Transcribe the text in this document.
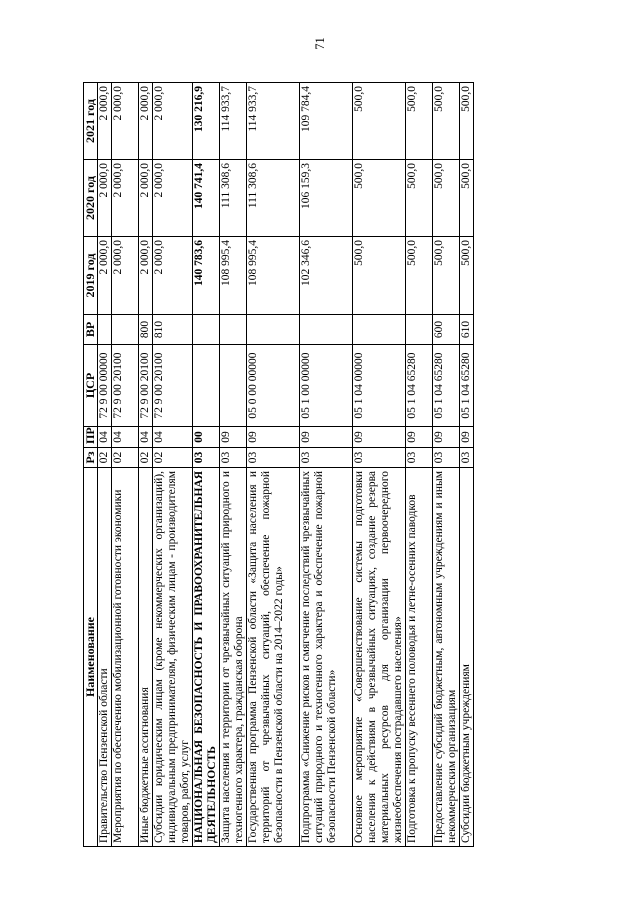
71
Наименование	Рз	ПР	ЦСР	ВР	2019 год	2020 год	2021 год
Правительство Пензенской области	02	04	72 9 00 00000		2 000,0	2 000,0	2 000,0
Мероприятия по обеспечению мобилизационной готовности экономики	02	04	72 9 00 20100		2 000,0	2 000,0	2 000,0
Иные бюджетные ассигнования	02	04	72 9 00 20100	800	2 000,0	2 000,0	2 000,0
Субсидии юридическим лицам (кроме некоммерческих организаций), индивидуальным предпринимателям, физическим лицам - производителям товаров, работ, услуг	02	04	72 9 00 20100	810	2 000,0	2 000,0	2 000,0
НАЦИОНАЛЬНАЯ БЕЗОПАСНОСТЬ И ПРАВООХРАНИТЕЛЬНАЯ ДЕЯТЕЛЬНОСТЬ	03	00			140 783,6	140 741,4	130 216,9
Защита населения и территории от чрезвычайных ситуаций природного и техногенного характера, гражданская оборона	03	09			108 995,4	111 308,6	114 933,7
Государственная программа Пензенской области «Защита населения и территорий от чрезвычайных ситуаций, обеспечение пожарной безопасности в Пензенской области на 2014–2022 годы»	03	09	05 0 00 00000		108 995,4	111 308,6	114 933,7
Подпрограмма «Снижение рисков и смягчение последствий чрезвычайных ситуаций природного и техногенного характера и обеспечение пожарной безопасности Пензенской области»	03	09	05 1 00 00000		102 346,6	106 159,3	109 784,4
Основное мероприятие «Совершенствование системы подготовки населения к действиям в чрезвычайных ситуациях, создание резерва материальных ресурсов для организации первоочередного жизнеобеспечения пострадавшего населения»	03	09	05 1 04 00000		500,0	500,0	500,0
Подготовка к пропуску весеннего половодья и летне-осенних паводков	03	09	05 1 04 65280		500,0	500,0	500,0
Предоставление субсидий бюджетным, автономным учреждениям и иным некоммерческим организациям	03	09	05 1 04 65280	600	500,0	500,0	500,0
Субсидии бюджетным учреждениям	03	09	05 1 04 65280	610	500,0	500,0	500,0
